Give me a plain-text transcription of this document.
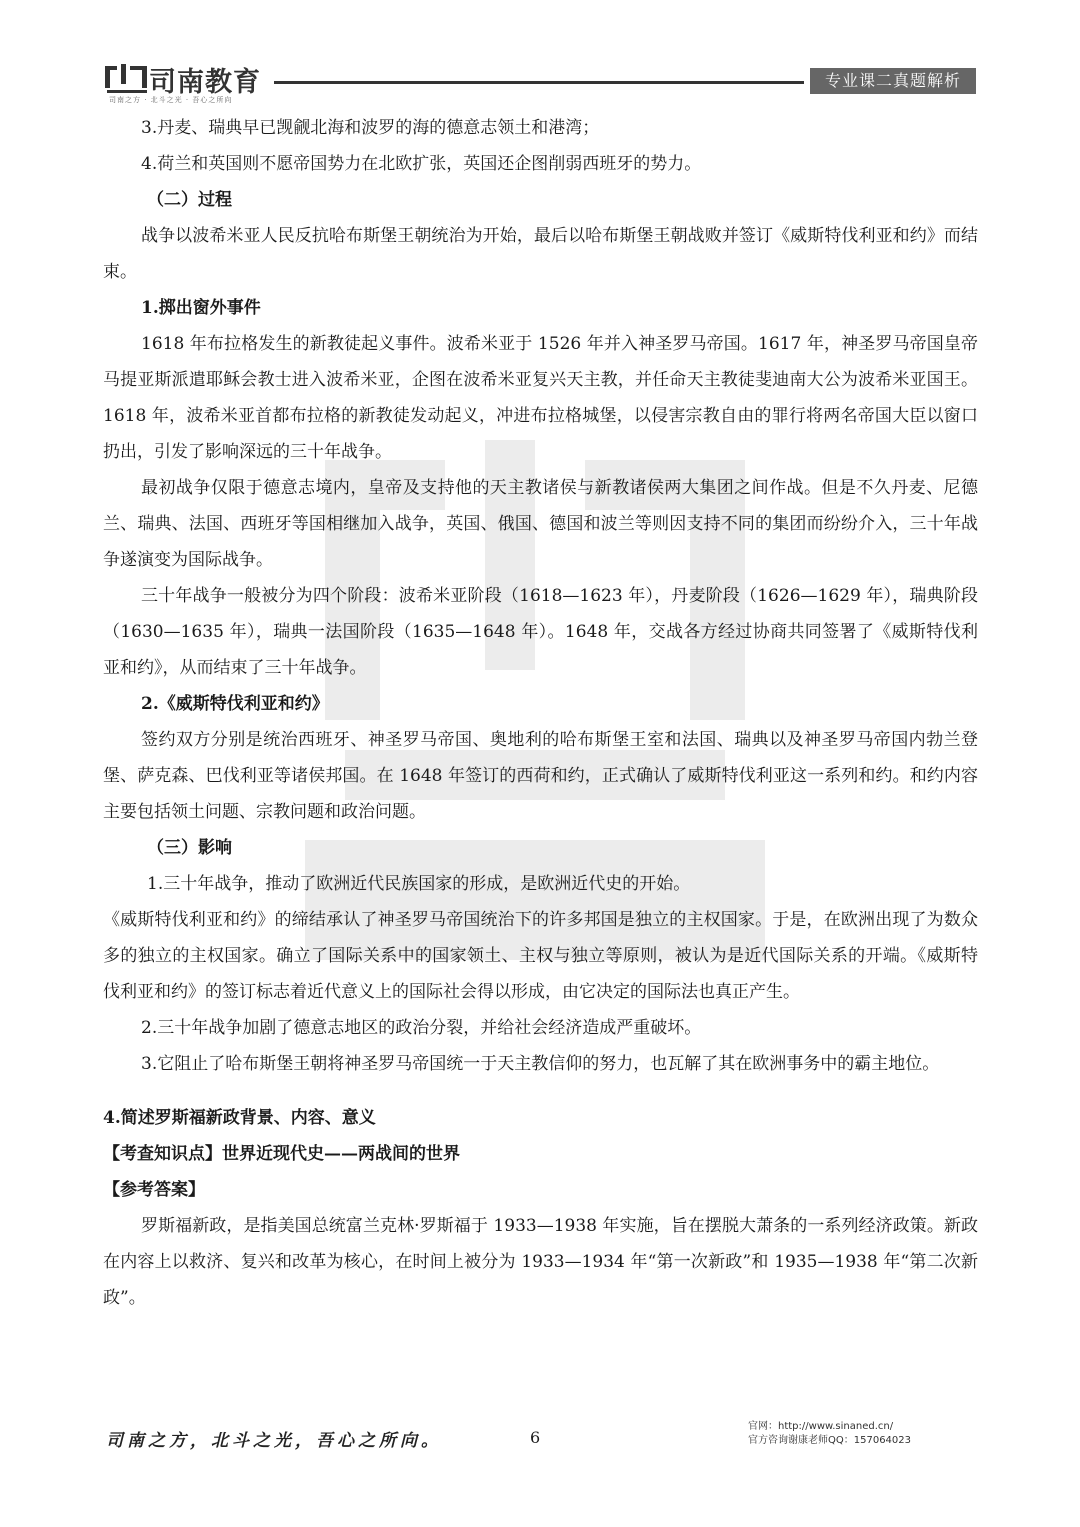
司南教育
司南之方 · 北斗之光 · 吾心之所向
专业课二真题解析

3.丹麦、瑞典早已觊觎北海和波罗的海的德意志领土和港湾；

4.荷兰和英国则不愿帝国势力在北欧扩张，英国还企图削弱西班牙的势力。

（二）过程

战争以波希米亚人民反抗哈布斯堡王朝统治为开始，最后以哈布斯堡王朝战败并签订《威斯特伐利亚和约》而结束。

1.掷出窗外事件

1618 年布拉格发生的新教徒起义事件。波希米亚于 1526 年并入神圣罗马帝国。1617 年，神圣罗马帝国皇帝马提亚斯派遣耶稣会教士进入波希米亚，企图在波希米亚复兴天主教，并任命天主教徒斐迪南大公为波希米亚国王。1618 年，波希米亚首都布拉格的新教徒发动起义，冲进布拉格城堡，以侵害宗教自由的罪行将两名帝国大臣以窗口扔出，引发了影响深远的三十年战争。

最初战争仅限于德意志境内，皇帝及支持他的天主教诸侯与新教诸侯两大集团之间作战。但是不久丹麦、尼德兰、瑞典、法国、西班牙等国相继加入战争，英国、俄国、德国和波兰等则因支持不同的集团而纷纷介入，三十年战争遂演变为国际战争。

三十年战争一般被分为四个阶段：波希米亚阶段（1618—1623 年），丹麦阶段（1626—1629 年），瑞典阶段（1630—1635 年），瑞典一法国阶段（1635—1648 年）。1648 年，交战各方经过协商共同签署了《威斯特伐利亚和约》，从而结束了三十年战争。

2.《威斯特伐利亚和约》

签约双方分别是统治西班牙、神圣罗马帝国、奥地利的哈布斯堡王室和法国、瑞典以及神圣罗马帝国内勃兰登堡、萨克森、巴伐利亚等诸侯邦国。在 1648 年签订的西荷和约，正式确认了威斯特伐利亚这一系列和约。和约内容主要包括领土问题、宗教问题和政治问题。

（三）影响

1.三十年战争，推动了欧洲近代民族国家的形成，是欧洲近代史的开始。

《威斯特伐利亚和约》的缔结承认了神圣罗马帝国统治下的许多邦国是独立的主权国家。于是，在欧洲出现了为数众多的独立的主权国家。确立了国际关系中的国家领土、主权与独立等原则，被认为是近代国际关系的开端。《威斯特伐利亚和约》的签订标志着近代意义上的国际社会得以形成，由它决定的国际法也真正产生。

2.三十年战争加剧了德意志地区的政治分裂，并给社会经济造成严重破坏。

3.它阻止了哈布斯堡王朝将神圣罗马帝国统一于天主教信仰的努力，也瓦解了其在欧洲事务中的霸主地位。

4.简述罗斯福新政背景、内容、意义

【考查知识点】世界近现代史——两战间的世界

【参考答案】

罗斯福新政，是指美国总统富兰克林·罗斯福于 1933—1938 年实施，旨在摆脱大萧条的一系列经济政策。新政在内容上以救济、复兴和改革为核心，在时间上被分为 1933—1934 年“第一次新政”和 1935—1938 年“第二次新政”。

司南之方，北斗之光，吾心之所向。	6
官网：http://www.sinaned.cn/
官方咨询谢康老师QQ：157064023
